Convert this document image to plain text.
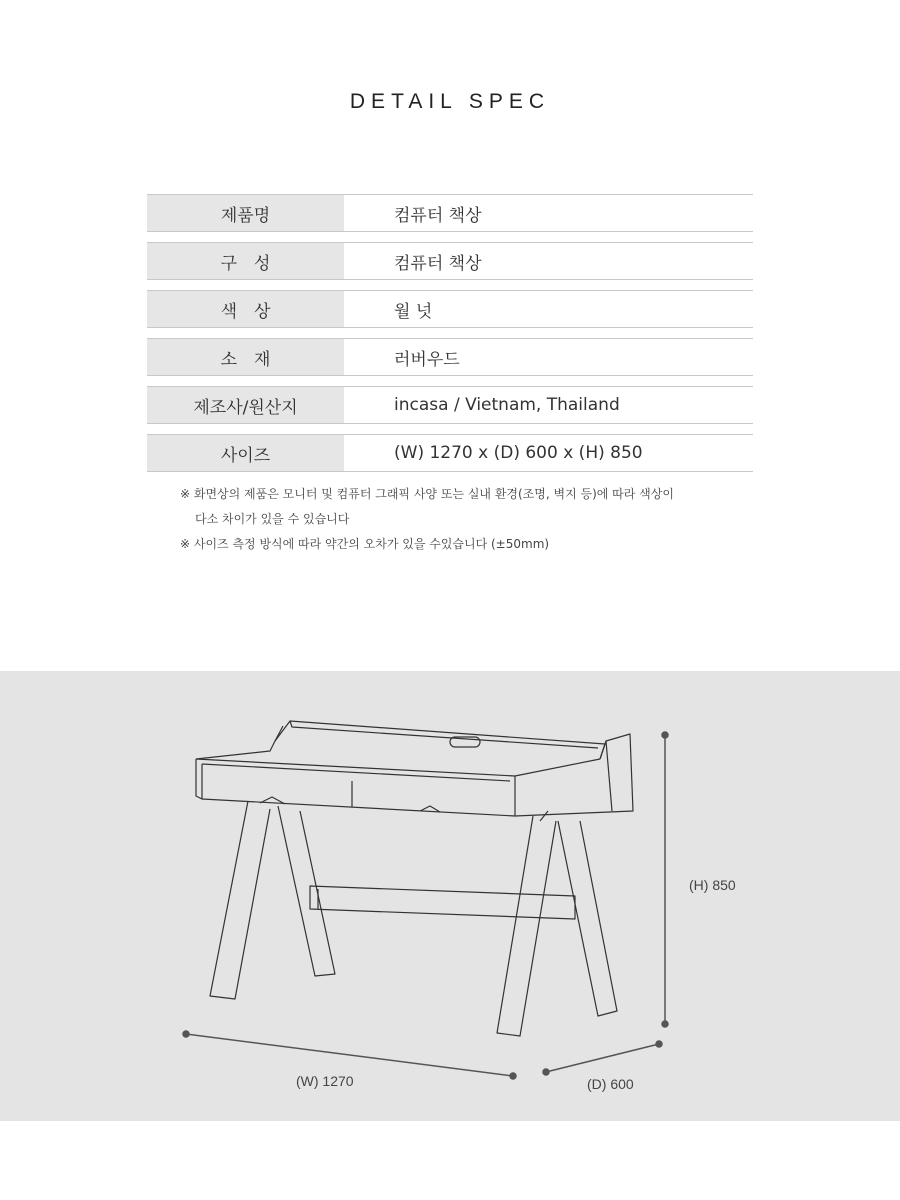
DETAIL SPEC
제품명	컴퓨터 책상
구　성	컴퓨터 책상
색　상	월 넛
소　재	러버우드
제조사/원산지	incasa / Vietnam, Thailand
사이즈	(W) 1270 x (D) 600 x (H) 850
※ 화면상의 제품은 모니터 및 컴퓨터 그래픽 사양 또는 실내 환경(조명, 벽지 등)에 따라 색상이
다소 차이가 있을 수 있습니다
※ 사이즈 측정 방식에 따라 약간의 오차가 있을 수있습니다 (±50mm)
(H) 850
(W) 1270	(D) 600
